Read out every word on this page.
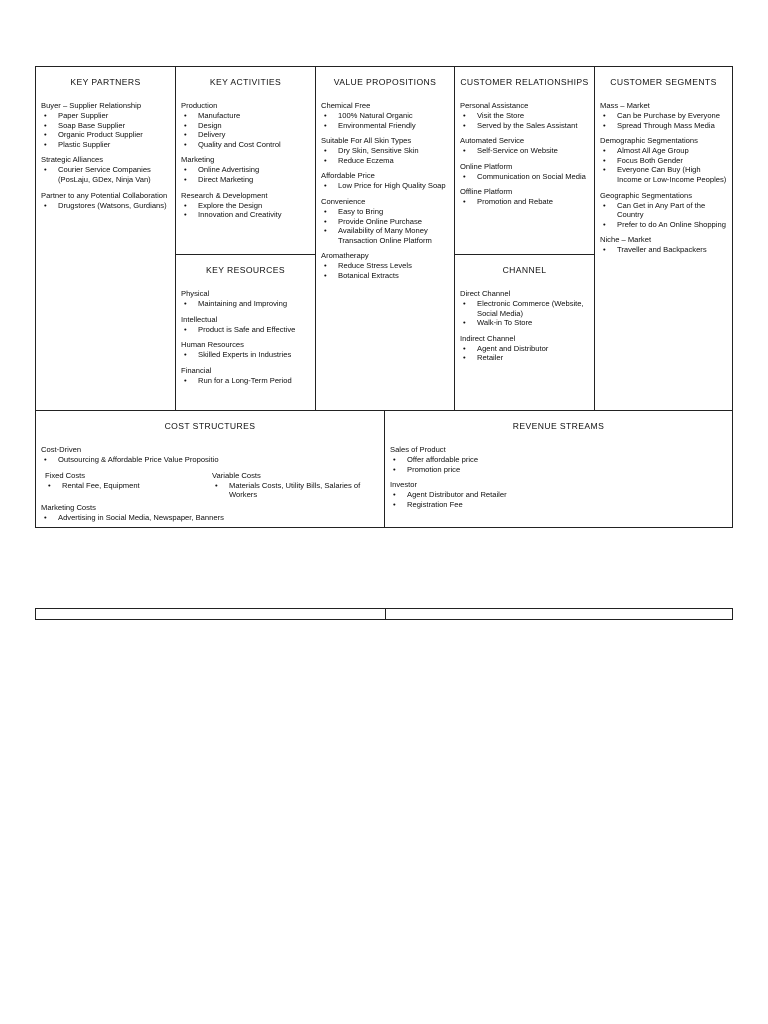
KEY PARTNERS
Buyer – Supplier Relationship
• Paper Supplier
• Soap Base Supplier
• Organic Product Supplier
• Plastic Supplier
Strategic Alliances
• Courier Service Companies (PosLaju, GDex, Ninja Van)
Partner to any Potential Collaboration
• Drugstores (Watsons, Gurdians)
KEY ACTIVITIES
Production
• Manufacture
• Design
• Delivery
• Quality and Cost Control
Marketing
• Online Advertising
• Direct Marketing
Research & Development
• Explore the Design
• Innovation and Creativity
KEY RESOURCES
Physical
• Maintaining and Improving
Intellectual
• Product is Safe and Effective
Human Resources
• Skilled Experts in Industries
Financial
• Run for a Long-Term Period
VALUE PROPOSITIONS
Chemical Free
• 100% Natural Organic
• Environmental Friendly
Suitable For All Skin Types
• Dry Skin, Sensitive Skin
• Reduce Eczema
Affordable Price
• Low Price for High Quality Soap
Convenience
• Easy to Bring
• Provide Online Purchase
• Availability of Many Money Transaction Online Platform
Aromatherapy
• Reduce Stress Levels
• Botanical Extracts
CUSTOMER RELATIONSHIPS
Personal Assistance
• Visit the Store
• Served by the Sales Assistant
Automated Service
• Self-Service on Website
Online Platform
• Communication on Social Media
Offline Platform
• Promotion and Rebate
CHANNEL
Direct Channel
• Electronic Commerce (Website, Social Media)
• Walk-in To Store
Indirect Channel
• Agent and Distributor
• Retailer
CUSTOMER SEGMENTS
Mass – Market
• Can be Purchase by Everyone
• Spread Through Mass Media
Demographic Segmentations
• Almost All Age Group
• Focus Both Gender
• Everyone Can Buy (High Income or Low-Income Peoples)
Geographic Segmentations
• Can Get in Any Part of the Country
• Prefer to do An Online Shopping
Niche – Market
• Traveller and Backpackers
COST STRUCTURES
Cost-Driven
• Outsourcing & Affordable Price Value Propositio
Fixed Costs
• Rental Fee, Equipment
Variable Costs
• Materials Costs, Utility Bills, Salaries of Workers
Marketing Costs
• Advertising in Social Media, Newspaper, Banners
REVENUE STREAMS
Sales of Product
• Offer affordable price
• Promotion price
Investor
• Agent Distributor and Retailer
• Registration Fee
